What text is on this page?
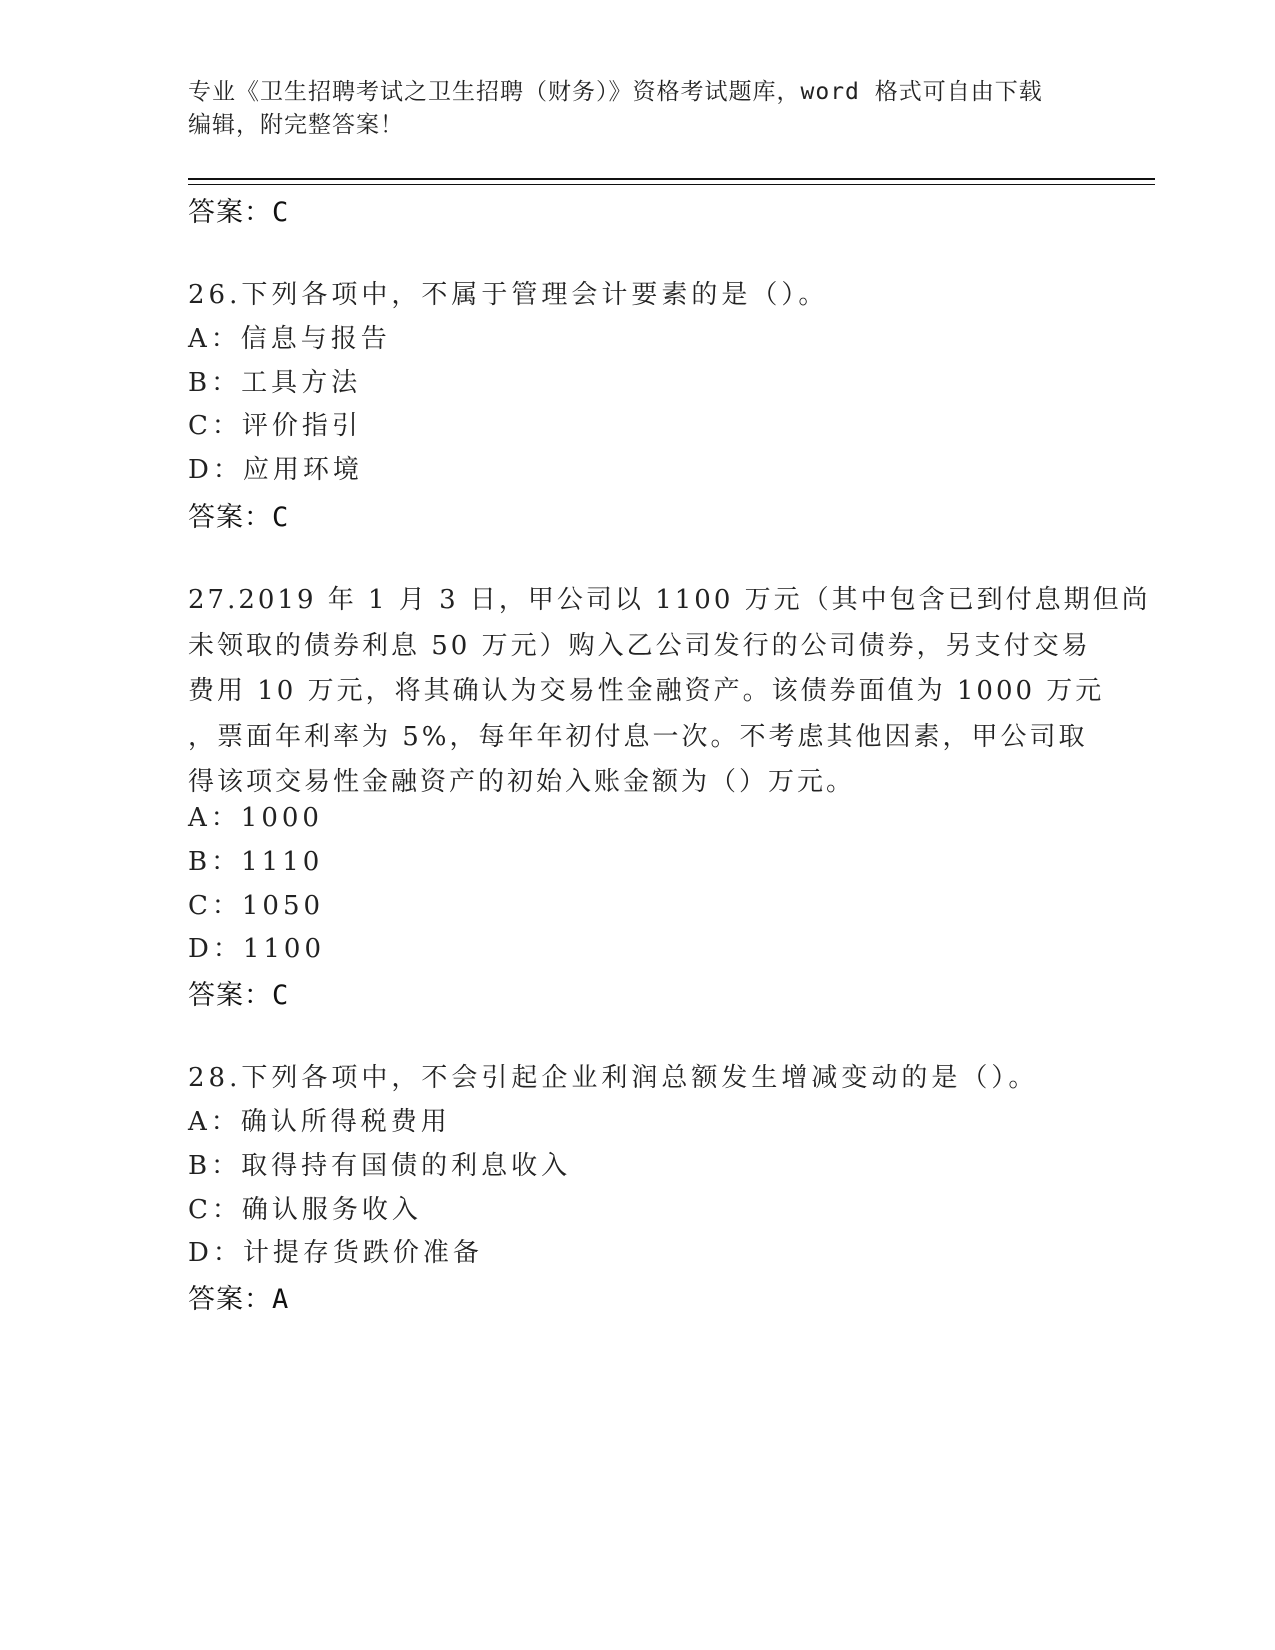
专业《卫生招聘考试之卫生招聘（财务）》资格考试题库，word 格式可自由下载
编辑，附完整答案！
答案：C
26.下列各项中，不属于管理会计要素的是（）。
A：信息与报告
B：工具方法
C：评价指引
D：应用环境
答案：C
27.2019 年 1 月 3 日，甲公司以 1100 万元（其中包含已到付息期但尚
未领取的债券利息 50 万元）购入乙公司发行的公司债券，另支付交易
费用 10 万元，将其确认为交易性金融资产。该债券面值为 1000 万元
，票面年利率为 5%，每年年初付息一次。不考虑其他因素，甲公司取
得该项交易性金融资产的初始入账金额为（）万元。
A：1000
B：1110
C：1050
D：1100
答案：C
28.下列各项中，不会引起企业利润总额发生增减变动的是（）。
A：确认所得税费用
B：取得持有国债的利息收入
C：确认服务收入
D：计提存货跌价准备
答案：A
